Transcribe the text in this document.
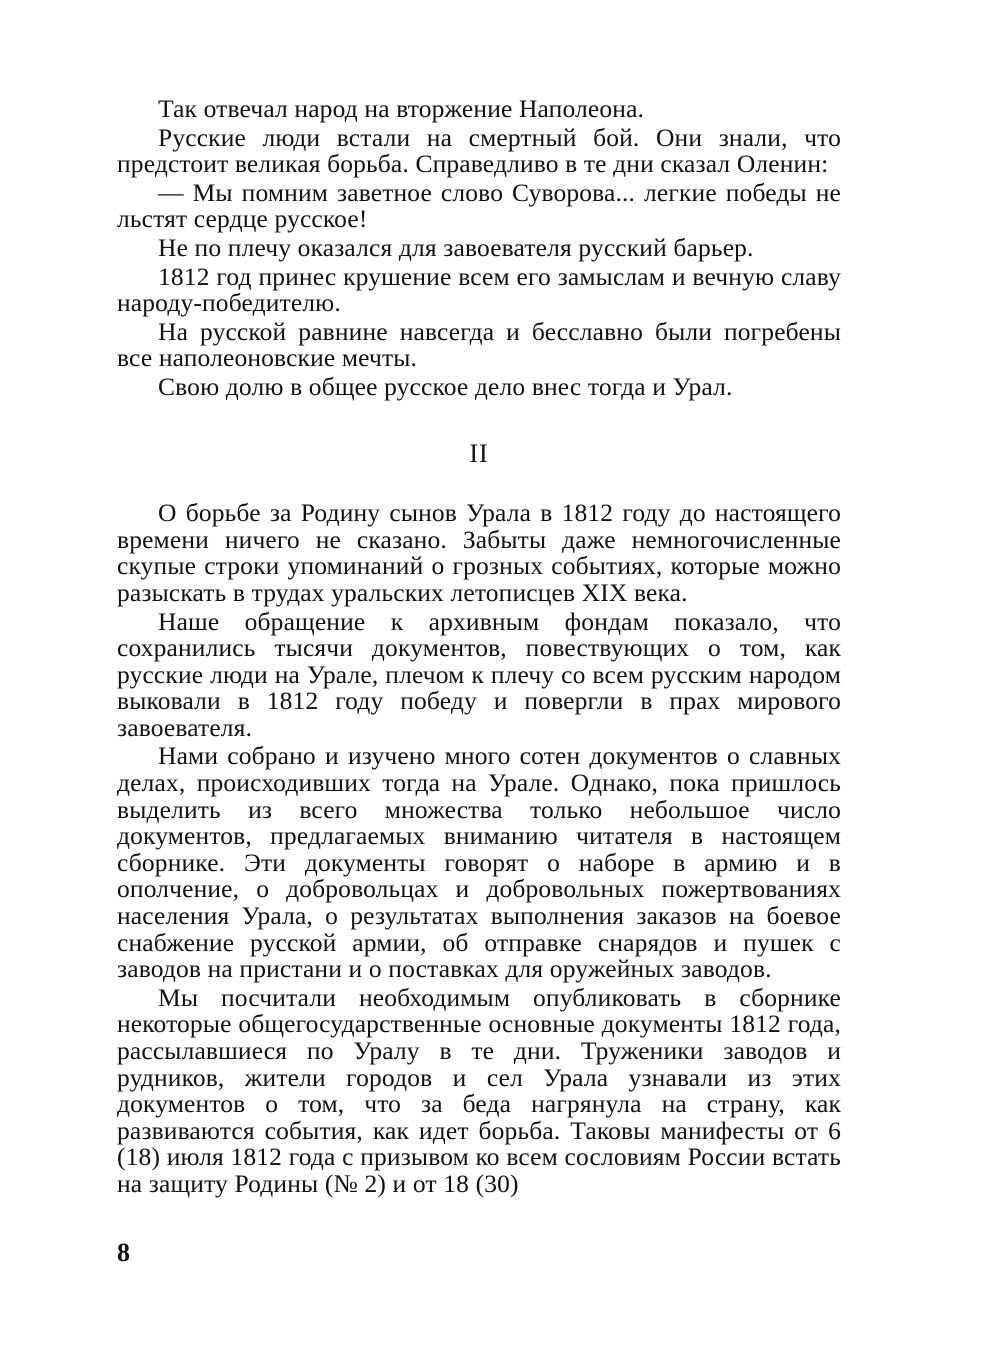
Так отвечал народ на вторжение Наполеона.

Русские люди встали на смертный бой. Они знали, что предстоит великая борьба. Справедливо в те дни сказал Оленин:

— Мы помним заветное слово Суворова... легкие победы не льстят сердце русское!

Не по плечу оказался для завоевателя русский барьер.

1812 год принес крушение всем его замыслам и вечную славу народу-победителю.

На русской равнине навсегда и бесславно были погребены все наполеоновские мечты.

Свою долю в общее русское дело внес тогда и Урал.

II

О борьбе за Родину сынов Урала в 1812 году до настоящего времени ничего не сказано. Забыты даже немногочисленные скупые строки упоминаний о грозных событиях, которые можно разыскать в трудах уральских летописцев XIX века.

Наше обращение к архивным фондам показало, что сохранились тысячи документов, повествующих о том, как русские люди на Урале, плечом к плечу со всем русским народом выковали в 1812 году победу и повергли в прах мирового завоевателя.

Нами собрано и изучено много сотен документов о славных делах, происходивших тогда на Урале. Однако, пока пришлось выделить из всего множества только небольшое число документов, предлагаемых вниманию читателя в настоящем сборнике. Эти документы говорят о наборе в армию и в ополчение, о добровольцах и добровольных пожертвованиях населения Урала, о результатах выполнения заказов на боевое снабжение русской армии, об отправке снарядов и пушек с заводов на пристани и о поставках для оружейных заводов.

Мы посчитали необходимым опубликовать в сборнике некоторые общегосударственные основные документы 1812 года, рассылавшиеся по Уралу в те дни. Труженики заводов и рудников, жители городов и сел Урала узнавали из этих документов о том, что за беда нагрянула на страну, как развиваются события, как идет борьба. Таковы манифесты от 6 (18) июля 1812 года с призывом ко всем сословиям России встать на защиту Родины (№ 2) и от 18 (30)

8
